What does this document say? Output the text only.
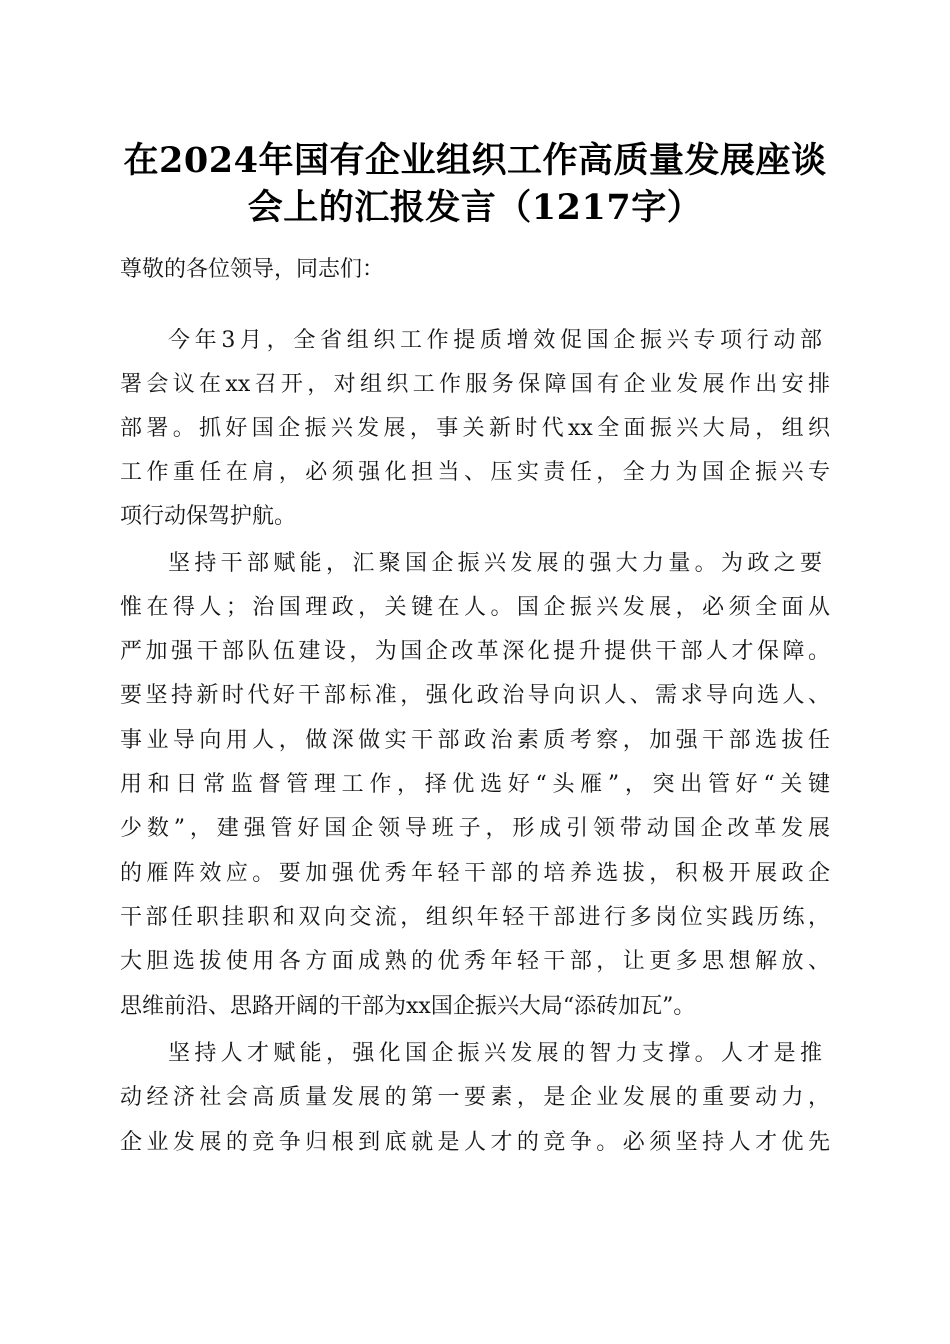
在2024年国有企业组织工作高质量发展座谈
会上的汇报发言（1217字）
尊敬的各位领导，同志们：
今年3月，全省组织工作提质增效促国企振兴专项行动部
署会议在xx召开，对组织工作服务保障国有企业发展作出安排
部署。抓好国企振兴发展，事关新时代xx全面振兴大局，组织
工作重任在肩，必须强化担当、压实责任，全力为国企振兴专
项行动保驾护航。
坚持干部赋能，汇聚国企振兴发展的强大力量。为政之要
惟在得人；治国理政，关键在人。国企振兴发展，必须全面从
严加强干部队伍建设，为国企改革深化提升提供干部人才保障。
要坚持新时代好干部标准，强化政治导向识人、需求导向选人、
事业导向用人，做深做实干部政治素质考察，加强干部选拔任
用和日常监督管理工作，择优选好“头雁”，突出管好“关键
少数”，建强管好国企领导班子，形成引领带动国企改革发展
的雁阵效应。要加强优秀年轻干部的培养选拔，积极开展政企
干部任职挂职和双向交流，组织年轻干部进行多岗位实践历练，
大胆选拔使用各方面成熟的优秀年轻干部，让更多思想解放、
思维前沿、思路开阔的干部为xx国企振兴大局“添砖加瓦”。
坚持人才赋能，强化国企振兴发展的智力支撑。人才是推
动经济社会高质量发展的第一要素，是企业发展的重要动力，
企业发展的竞争归根到底就是人才的竞争。必须坚持人才优先
